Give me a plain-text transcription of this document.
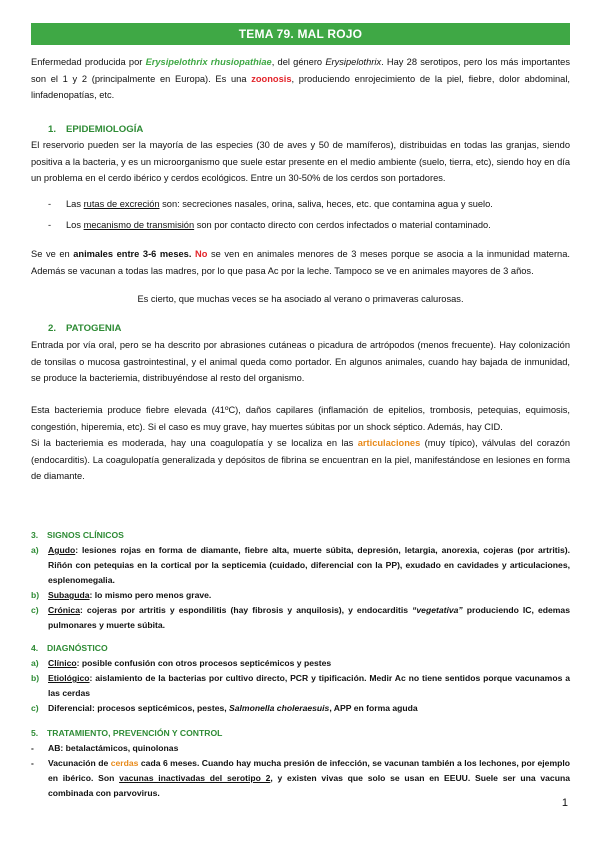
TEMA 79. MAL ROJO

Enfermedad producida por Erysipelothrix rhusiopathiae, del género Erysipelothrix. Hay 28 serotipos, pero los más importantes son el 1 y 2 (principalmente en Europa). Es una zoonosis, produciendo enrojecimiento de la piel, fiebre, dolor abdominal, linfadenopatías, etc.

1. EPIDEMIOLOGÍA

El reservorio pueden ser la mayoría de las especies (30 de aves y 50 de mamíferos), distribuidas en todas las granjas, siendo positiva a la bacteria, y es un microorganismo que suele estar presente en el medio ambiente (suelo, tierra, etc), siendo hoy en día un problema en el cerdo ibérico y cerdos ecológicos. Entre un 30-50% de los cerdos son portadores.

- Las rutas de excreción son: secreciones nasales, orina, saliva, heces, etc. que contamina agua y suelo.
- Los mecanismo de transmisión son por contacto directo con cerdos infectados o material contaminado.

Se ve en animales entre 3-6 meses. No se ven en animales menores de 3 meses porque se asocia a la inmunidad materna. Además se vacunan a todas las madres, por lo que pasa Ac por la leche. Tampoco se ve en animales mayores de 3 años.

Es cierto, que muchas veces se ha asociado al verano o primaveras calurosas.

2. PATOGENIA

Entrada por vía oral, pero se ha descrito por abrasiones cutáneas o picadura de artrópodos (menos frecuente). Hay colonización de tonsilas o mucosa gastrointestinal, y el animal queda como portador. En algunos animales, cuando hay bajada de inmunidad, se produce la bacteriemia, distribuyéndose al resto del organismo.

Esta bacteriemia produce fiebre elevada (41ºC), daños capilares (inflamación de epitelios, trombosis, petequias, equimosis, congestión, hiperemia, etc). Si el caso es muy grave, hay muertes súbitas por un shock séptico. Además, hay CID.

Si la bacteriemia es moderada, hay una coagulopatía y se localiza en las articulaciones (muy típico), válvulas del corazón (endocarditis). La coagulopatía generalizada y depósitos de fibrina se encuentran en la piel, manifestándose en lesiones en forma de diamante.

3. SIGNOS CLÍNICOS

a) Agudo: lesiones rojas en forma de diamante, fiebre alta, muerte súbita, depresión, letargia, anorexia, cojeras (por artritis). Riñón con petequias en la cortical por la septicemia (cuidado, diferencial con la PP), exudado en cavidades y articulaciones, esplenomegalia.
b) Subaguda: lo mismo pero menos grave.
c) Crónica: cojeras por artritis y espondilitis (hay fibrosis y anquilosis), y endocarditis “vegetativa” produciendo IC, edemas pulmonares y muerte súbita.

4. DIAGNÓSTICO

a) Clínico: posible confusión con otros procesos septicémicos y pestes
b) Etiológico: aislamiento de la bacterias por cultivo directo, PCR y tipificación. Medir Ac no tiene sentidos porque vacunamos a las cerdas
c) Diferencial: procesos septicémicos, pestes, Salmonella choleraesuis, APP en forma aguda

5. TRATAMIENTO, PREVENCIÓN Y CONTROL

- AB: betalactámicos, quinolonas
- Vacunación de cerdas cada 6 meses. Cuando hay mucha presión de infección, se vacunan también a los lechones, por ejemplo en ibérico. Son vacunas inactivadas del serotipo 2, y existen vivas que solo se usan en EEUU. Suele ser una vacuna combinada con parvovirus.
1
